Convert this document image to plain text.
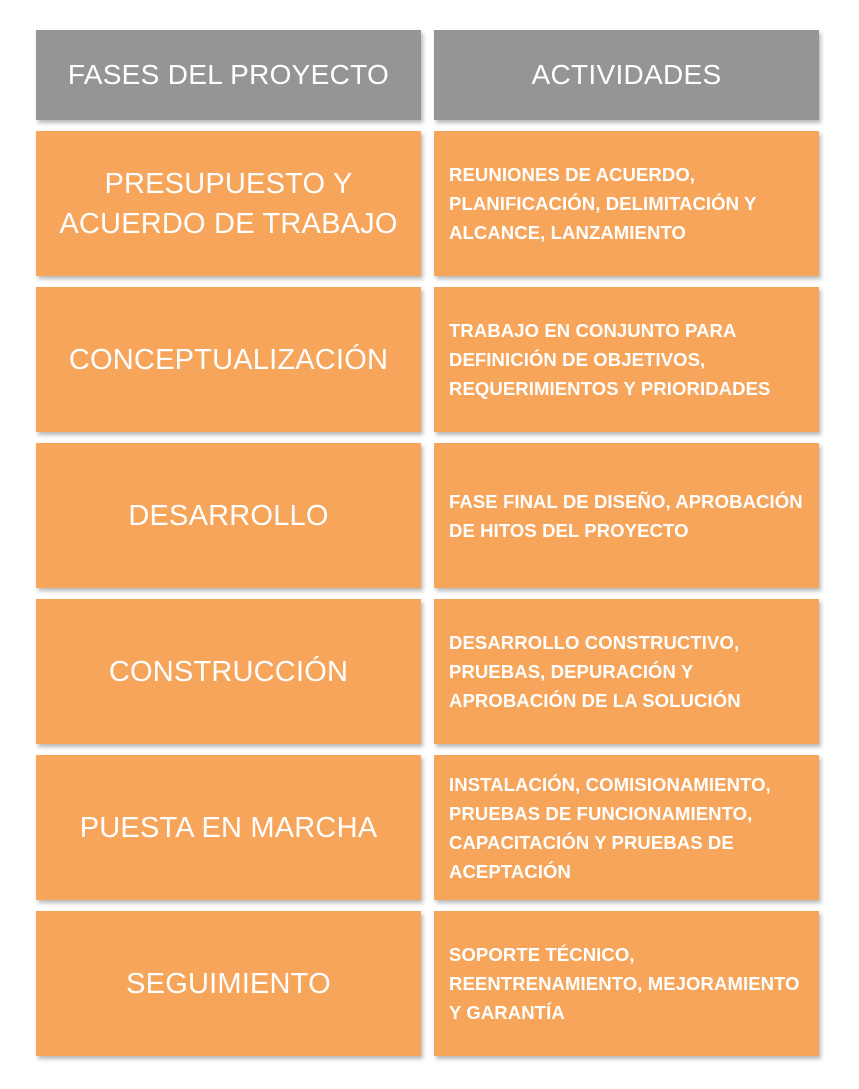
FASES DEL PROYECTO	ACTIVIDADES
PRESUPUESTO Y ACUERDO DE TRABAJO
REUNIONES DE ACUERDO, PLANIFICACIÓN, DELIMITACIÓN Y ALCANCE, LANZAMIENTO
CONCEPTUALIZACIÓN
TRABAJO EN CONJUNTO PARA DEFINICIÓN DE OBJETIVOS, REQUERIMIENTOS Y PRIORIDADES
DESARROLLO	FASE FINAL DE DISEÑO, APROBACIÓN DE HITOS DEL PROYECTO
CONSTRUCCIÓN
DESARROLLO CONSTRUCTIVO, PRUEBAS, DEPURACIÓN Y APROBACIÓN DE LA SOLUCIÓN
PUESTA EN MARCHA
INSTALACIÓN, COMISIONAMIENTO, PRUEBAS DE FUNCIONAMIENTO, CAPACITACIÓN Y PRUEBAS DE ACEPTACIÓN
SEGUIMIENTO
SOPORTE TÉCNICO, REENTRENAMIENTO, MEJORAMIENTO Y GARANTÍA
